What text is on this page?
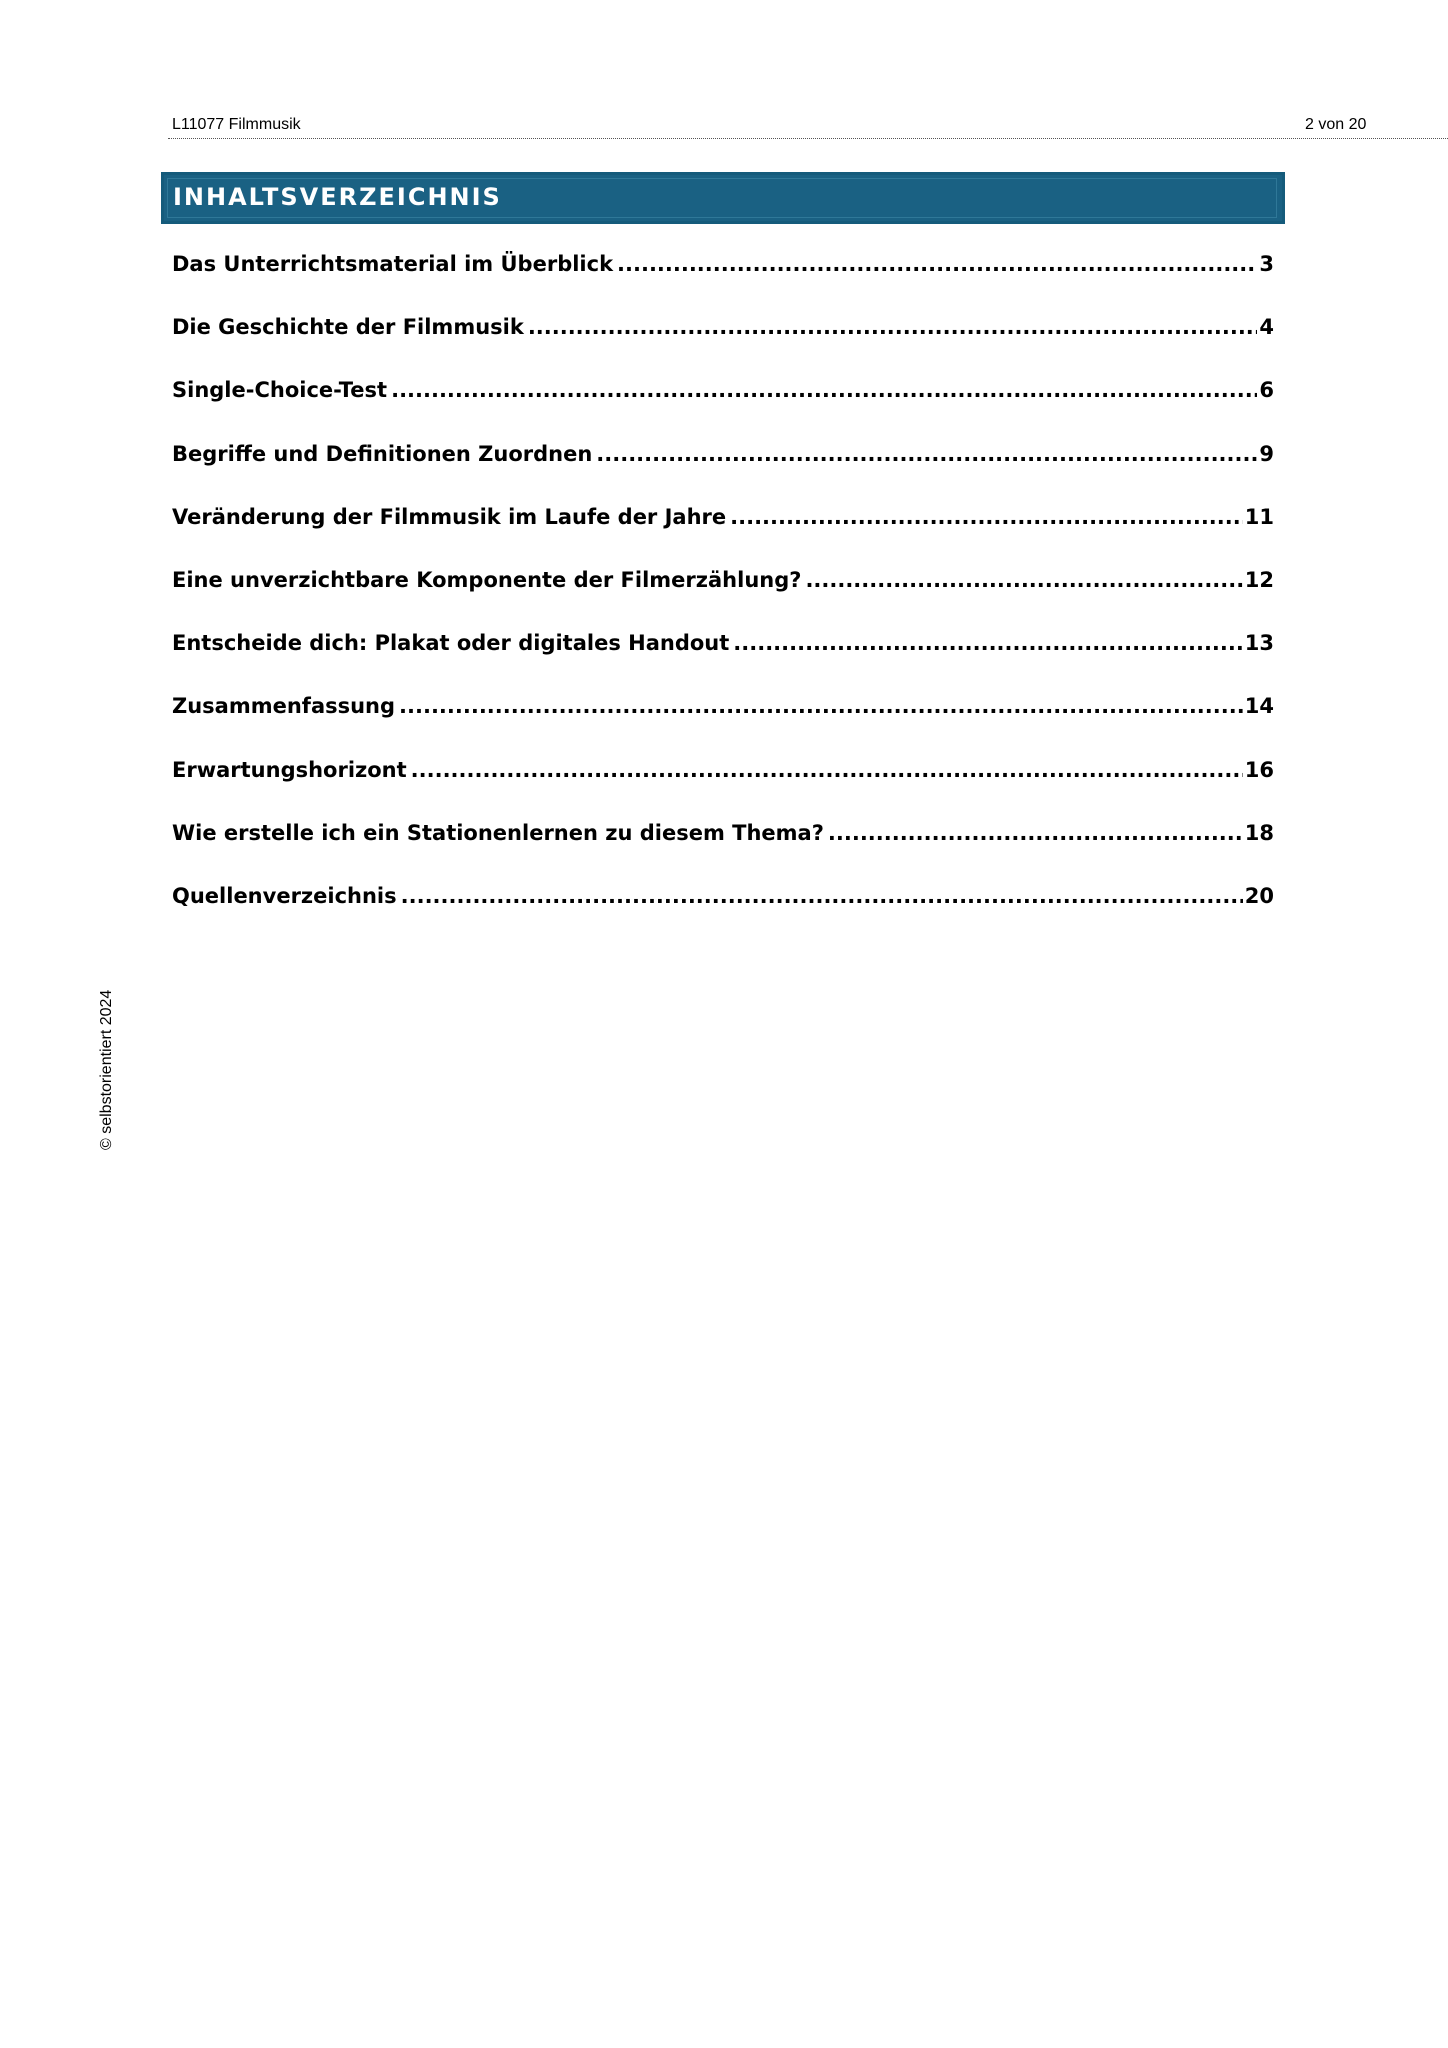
L11077 Filmmusik	2 von 20
INHALTSVERZEICHNIS
Das Unterrichtsmaterial im Überblick .....	3
Die Geschichte der Filmmusik .....	4
Single-Choice-Test .....	6
Begriffe und Definitionen Zuordnen .....	9
Veränderung der Filmmusik im Laufe der Jahre .....	11
Eine unverzichtbare Komponente der Filmerzählung? .....	12
Entscheide dich: Plakat oder digitales Handout .....	13
Zusammenfassung .....	14
Erwartungshorizont .....	16
Wie erstelle ich ein Stationenlernen zu diesem Thema? .....	18
Quellenverzeichnis .....	20
© selbstorientiert 2024
